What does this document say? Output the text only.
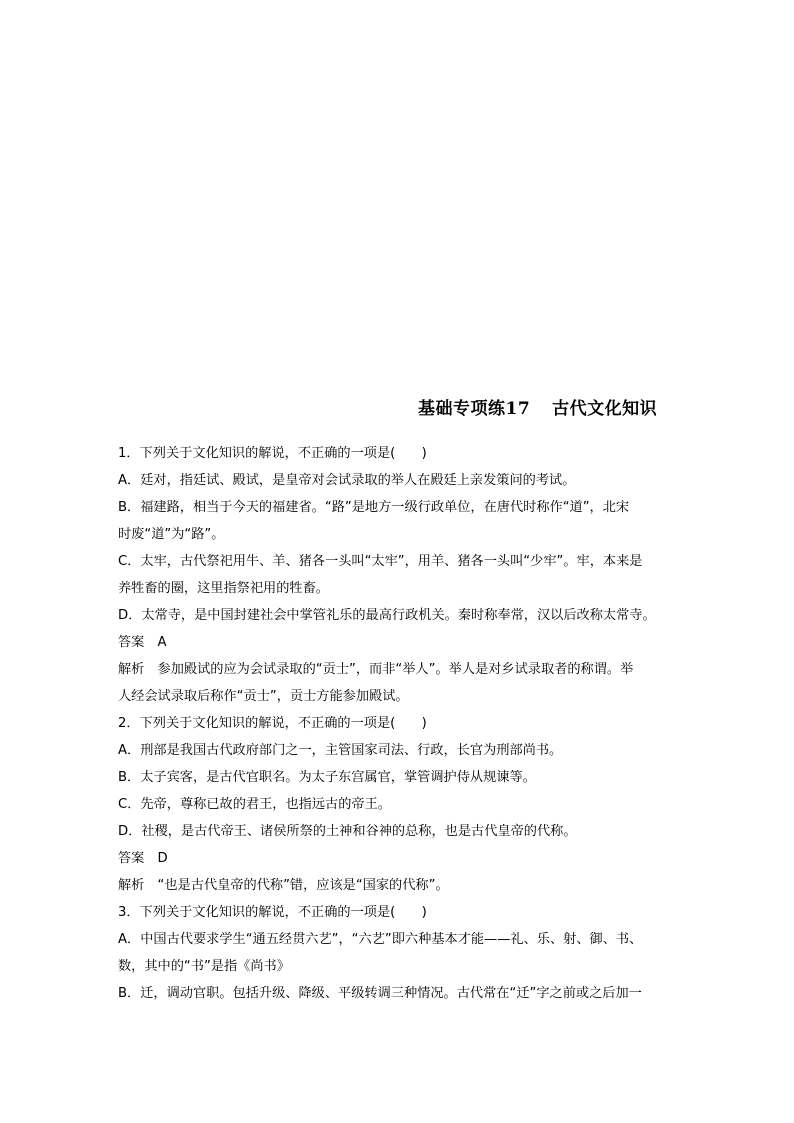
基础专项练17 古代文化知识
1．下列关于文化知识的解说，不正确的一项是(　　)
A．廷对，指廷试、殿试，是皇帝对会试录取的举人在殿廷上亲发策问的考试。
B．福建路，相当于今天的福建省。“路”是地方一级行政单位，在唐代时称作“道”，北宋
时废“道”为“路”。
C．太牢，古代祭祀用牛、羊、猪各一头叫“太牢”，用羊、猪各一头叫“少牢”。牢，本来是
养牲畜的圈，这里指祭祀用的牲畜。
D．太常寺，是中国封建社会中掌管礼乐的最高行政机关。秦时称奉常，汉以后改称太常寺。
答案　A
解析　参加殿试的应为会试录取的“贡士”，而非“举人”。举人是对乡试录取者的称谓。举
人经会试录取后称作“贡士”，贡士方能参加殿试。
2．下列关于文化知识的解说，不正确的一项是(　　)
A．刑部是我国古代政府部门之一，主管国家司法、行政，长官为刑部尚书。
B．太子宾客，是古代官职名。为太子东宫属官，掌管调护侍从规谏等。
C．先帝，尊称已故的君王，也指远古的帝王。
D．社稷，是古代帝王、诸侯所祭的土神和谷神的总称，也是古代皇帝的代称。
答案　D
解析　“也是古代皇帝的代称”错，应该是“国家的代称”。
3．下列关于文化知识的解说，不正确的一项是(　　)
A．中国古代要求学生“通五经贯六艺”，“六艺”即六种基本才能——礼、乐、射、御、书、
数，其中的“书”是指《尚书》
B．迁，调动官职。包括升级、降级、平级转调三种情况。古代常在“迁”字之前或之后加一
